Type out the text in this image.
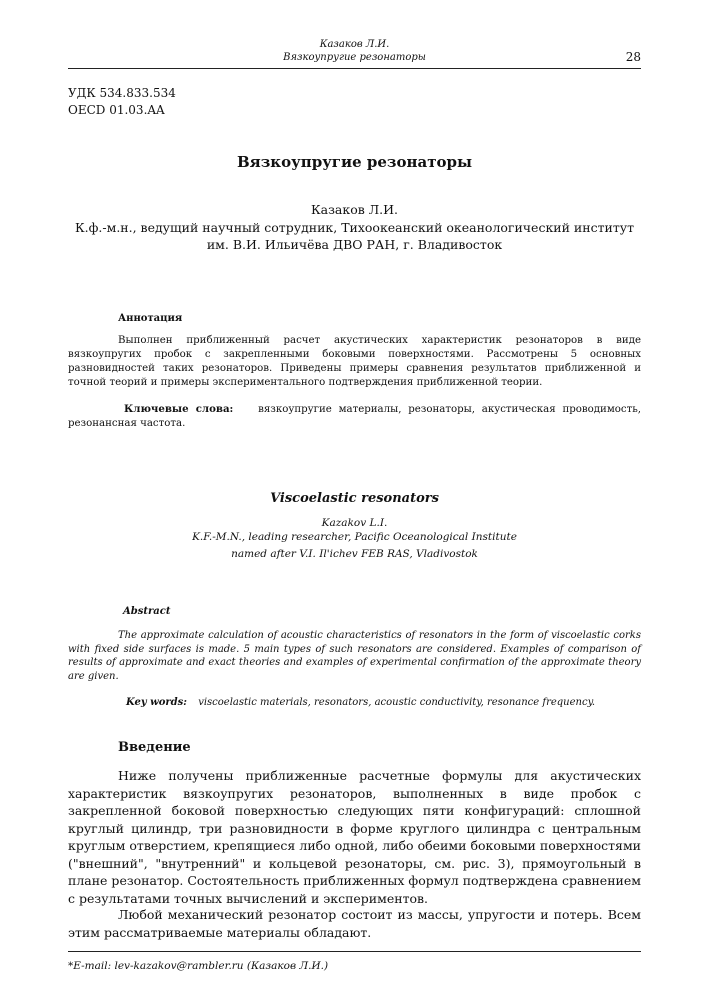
Казаков Л.И.
Вязкоупругие резонаторы	28
УДК 534.833.534
OECD 01.03.AA
Вязкоупругие резонаторы
Казаков Л.И.
К.ф.-м.н., ведущий научный сотрудник, Тихоокеанский океанологический институт
им. В.И. Ильичёва ДВО РАН, г. Владивосток
Аннотация
Выполнен приближенный расчет акустических характеристик резонаторов в виде вязкоупругих пробок с закрепленными боковыми поверхностями. Рассмотрены 5 основных разновидностей таких резонаторов. Приведены примеры сравнения результатов приближенной и точной теорий и примеры экспериментального подтверждения приближенной теории.
Ключевые слова: вязкоупругие материалы, резонаторы, акустическая проводимость, резонансная частота.
Viscoelastic resonators
Kazakov L.I.
K.F.-M.N., leading researcher, Pacific Oceanological Institute
named after V.I. Il'ichev FEB RAS, Vladivostok
Abstract
The approximate calculation of acoustic characteristics of resonators in the form of viscoelastic corks with fixed side surfaces is made. 5 main types of such resonators are considered. Examples of comparison of results of approximate and exact theories and examples of experimental confirmation of the approximate theory are given.
Key words: viscoelastic materials, resonators, acoustic conductivity, resonance frequency.
Введение
Ниже получены приближенные расчетные формулы для акустических характеристик вязкоупругих резонаторов, выполненных в виде пробок с закрепленной боковой поверхностью следующих пяти конфигураций: сплошной круглый цилиндр, три разновидности в форме круглого цилиндра с центральным круглым отверстием, крепящиеся либо одной, либо обеими боковыми поверхностями ("внешний", "внутренний" и кольцевой резонаторы, см. рис. 3), прямоугольный в плане резонатор. Состоятельность приближенных формул подтверждена сравнением с результатами точных вычислений и экспериментов.
Любой механический резонатор состоит из массы, упругости и потерь. Всем этим рассматриваемые материалы обладают.
*E-mail: lev-kazakov@rambler.ru (Казаков Л.И.)
